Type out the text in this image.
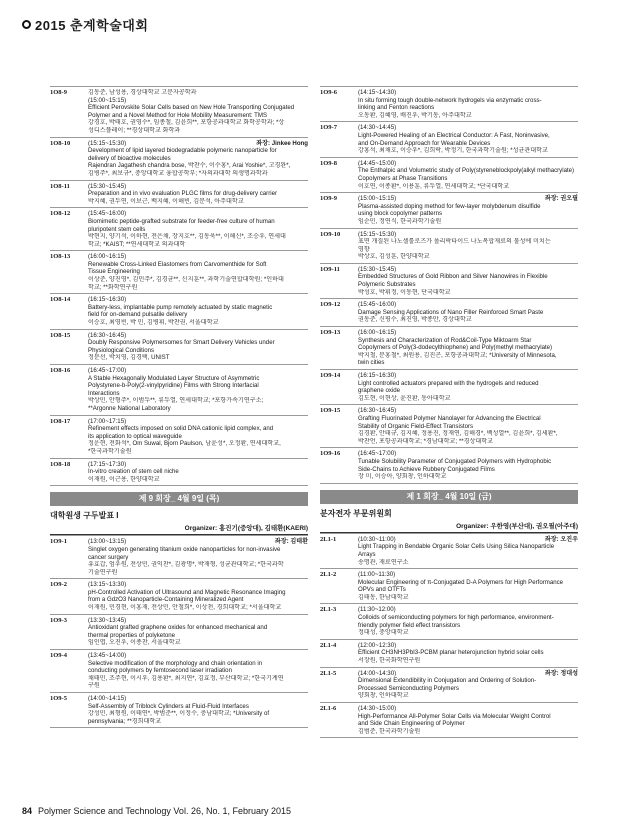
2015 춘계학술대회
1O8-9	김동준, 남성용, 경상대학교 고분자공학과
(15:00~15:15)
Efficient Perovskite Solar Cells based on New Hole Transporting Conjugated
Polymer and a Novel Method for Hole Mobility Measurement: TMS
강경호, 박태호, 권영수*, 임종철, 김윤희**, 포항공과대학교 화학공학과; *상
성디스플레이; **경상대학교 화학과
1O8-10	(15:15~15:30)	좌장: Jinkee Hong
Development of lipid layered biodegradable polymeric nanoparticle for
delivery of bioactive molecules
Rajendran Jagathesh chandra bose, 박찬수, 이수홍*, Arai Yoshie*, 고경완*,
김병주*, 최보규*, 중앙대학교 융합공학부; *자의과대학 의생명과학과
1O8-11	(15:30~15:45)
Preparation and in vivo evaluation PLGC films for drug-delivery carrier
박지혜, 권두연, 이보근, 백지혜, 이해빈, 김문석, 아주대학교
1O8-12	(15:45~16:00)
Biomimetic peptide-grafted substrate for feeder-free culture of human
pluripotent stem cells
박현지, 양기석, 이하현, 전은채, 장지호**, 김동욱**, 이해신*, 조승우, 연세대
학교; *KAIST; **연세대학교 의과대학
1O8-13	(16:00~16:15)
Renewable Cross-Linked Elastomers from Carvomenthide for Soft
Tissue Engineering
이상준, 양진영*, 김민주*, 김경균**, 신지훈**, 과학기술연합대학원; *인하대
학교; **화학연구원
1O8-14	(16:15~16:30)
Battery-less, implantable pump remotely actuated by static magnetic
field for on-demand pulsatile delivery
이승호, 최영빈, 박 민, 김병휘, 박찬권, 서울대학교
1O8-15	(16:30~16:45)
Doubly Responsive Polymersomes for Smart Delivery Vehicles under
Physiological Conditions
정문선, 박치영, 김경택, UNIST
1O8-16	(16:45~17:00)
A Stable Hexagonally Modulated Layer Structure of Asymmetric
Polystyrene-b-Poly(2-vinylpyridine) Films with Strong Interfacial
Interactions
박상민, 안형주*, 이범두**, 류두열, 연세대학교; *포항가속기연구소;
**Argonne National Laboratory
1O8-17	(17:00~17:15)
Refinement effects imposed on solid DNA cationic lipid complex, and
its application to optical waveguide
정운현, 전화석*, Om Suwal, Bjorn Paulson, 남윤성*, 오정환, 연세대학교,
*한국과학기술원
1O8-18	(17:15~17:30)
In-vitro creation of stem cell niche
이재원, 이근용, 한양대학교
제 9 회장_ 4월 9일 (목)
대학원생 구두발표 I
Organizer: 홍진기(중앙대), 김태환(KAERI)
1O9-1	(13:00~13:15)	좌장: 김태환
Singlet oxygen generating titanium oxide nanoparticles for non-invasive
cancer surgery
유효갑, 엄우원, 전상민, 권익찬*, 김광명*, 박재형, 성균관대학교; *한국과학
기술연구원
1O9-2	(13:15~13:30)
pH-Controlled Activation of Ultrasound and Magnetic Resonance Imaging
from a GdzO3 Nanoparticle-Containing Mineralized Agent
이재원, 민경현, 이홍재, 전상민, 안철희*, 이상천, 경희대학교; *서울대학교
1O9-3	(13:30~13:45)
Antioxidant grafted graphene oxides for enhanced mechanical and
thermal properties of polyketone
임인엽, 오진우, 이종찬, 서울대학교
1O9-4	(13:45~14:00)
Selective modification of the morphology and chain orientation in
conducting polymers by femtosecond laser irradiation
채태민, 조주현, 이시우, 김용환*, 최지연*, 김효정, 부산대학교; *한국기계연
구원
1O9-5	(14:00~14:15)
Self-Assembly of Triblock Cylinders at Fluid-Fluid Interfaces
강성민, 최형원, 이태연*, 박범준**, 이정수, 충남대학교; *University of
pennsylvania; **경희대학교
1O9-6	(14:15~14:30)
In situ forming tough double-network hydrogels via enzymatic cross-
linking and Fenton reactions
오동환, 김혜영, 배진우, 박기동, 아주대학교
1O9-7	(14:30~14:45)
Light-Powered Healing of an Electrical Conductor: A Fast, Noninvasive,
and On-Demand Approach for Wearable Devices
강홍석, 최채호, 이승우*, 김희락, 박정기, 한국과학기술원; *성균관대학교
1O9-8	(14:45~15:00)
The Enthalpic and Volumetric study of Poly(styreneblockpoly(alkyl methacrylate)
Copolymers at Phase Transitions
이호연, 이종환*, 이용훈, 류두열, 연세대학교; *단국대학교
1O9-9	(15:00~15:15)	좌장: 권오필
Plasma-assisted doping method for few-layer molybdenum disulfide
using block copolymer patterns
임순민, 정연식, 한국과학기술원
1O9-10	(15:15~15:30)
표면 개질된 나노셀룰로즈가 폴리락타이드 나노복합재료의 물성에 미치는
영향
박상호, 김성훈, 한양대학교
1O9-11	(15:30~15:45)
Embedded Structures of Gold Ribbon and Silver Nanowires in Flexible
Polymeric Substrates
박성호, 박휘정, 이동현, 단국대학교
1O9-12	(15:45~16:00)
Damage Sensing Applications of Nano Filler Reinforced Smart Paste
권동준, 신평수, 최진영, 박종만, 경상대학교
1O9-13	(16:00~16:15)
Synthesis and Characterization of Rod&Coil-Type Miktoarm Star
Copolymers of Poly(3-dodecylthiophene) and Poly(methyl methacrylate)
박지철, 문홍철*, 최원용, 김진곤, 포항공과대학교; *University of Minnesota,
twin cities
1O9-14	(16:15~16:30)
Light controlled actuators prepared with the hydrogels and reduced
graphene oxide
김도현, 이현상, 윤진환, 동아대학교
1O9-15	(16:30~16:45)
Grafting Fluorinated Polymer Nanolayer for Advancing the Electrical
Stability of Organic Field-Effect Transistors
김경환, 안태규, 김지혜, 정용진, 정재연, 김해경*, 백성열**, 김윤희*, 김세환*,
박찬언, 포항공과대학교; *경남대학교; **경상대학교
1O9-16	(16:45~17:00)
Tunable Solubility Parameter of Conjugated Polymers with Hydrophobic
Side-Chains to Achieve Rubbery Conjugated Films
장 미, 이승아, 양회창, 인하대학교
제 1 회장_ 4월 10일 (금)
분자전자 부문위원회
Organizer: 우한영(부산대), 권오필(아주대)
2L1-1	(10:30~11:00)	좌장: 오진우
Light Trapping in Bendable Organic Solar Cells Using Silica Nanoparticle
Arrays
송명관, 재료연구소
2L1-2	(11:00~11:30)
Molecular Engineering of π-Conjugated D-A Polymers for High Performance
OPVs and OTFTs
김태동, 한남대학교
2L1-3	(11:30~12:00)
Colloids of semiconducting polymers for high performance, environment-
friendly polymer field effect transistors
정대성, 중앙대학교
2L1-4	(12:00~12:30)
Efficient CH3NH3PbI3-PCBM planar heterojunction hybrid solar cells
서장원, 한국화학연구원
2L1-5	(14:00~14:30)	좌장: 정대성
Dimensional Extendibility in Conjugation and Ordering of Solution-
Processed Semiconducting Polymers
양회창, 인하대학교
2L1-6	(14:30~15:00)
High-Performance All-Polymer Solar Cells via Molecular Weight Control
and Side Chain Engineering of Polymer
김범준, 한국과학기술원
84 Polymer Science and Technology Vol. 26, No. 1, February 2015
